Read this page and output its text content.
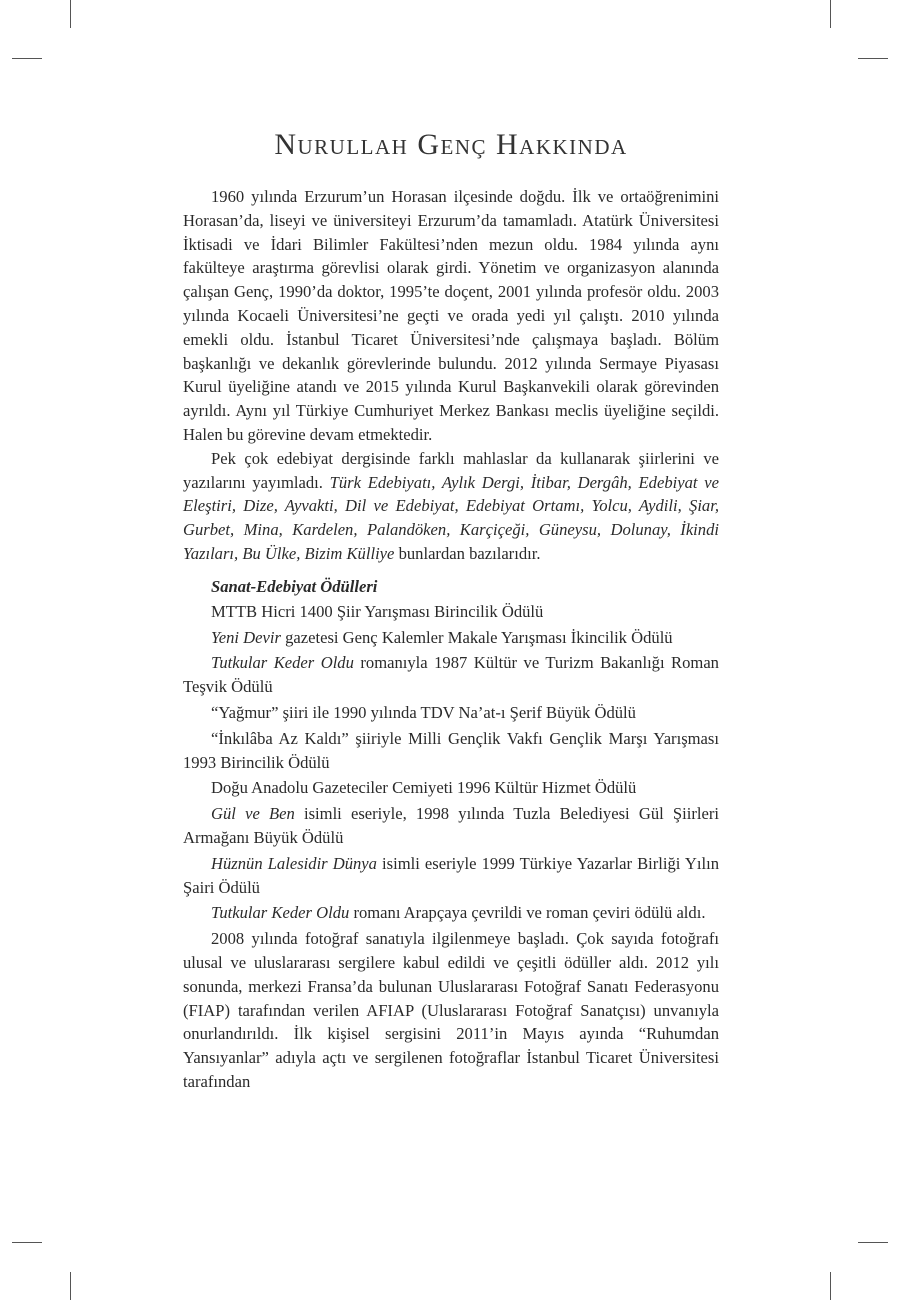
Nurullah Genç Hakkında

1960 yılında Erzurum’un Horasan ilçesinde doğdu. İlk ve ortaöğrenimini Horasan’da, liseyi ve üniversiteyi Erzurum’da tamamladı. Atatürk Üniversitesi İktisadi ve İdari Bilimler Fakültesi’nden mezun oldu. 1984 yılında aynı fakülteye araştırma görevlisi olarak girdi. Yönetim ve organizasyon alanında çalışan Genç, 1990’da doktor, 1995’te doçent, 2001 yılında profesör oldu. 2003 yılında Kocaeli Üniversitesi’ne geçti ve orada yedi yıl çalıştı. 2010 yılında emekli oldu. İstanbul Ticaret Üniversitesi’nde çalışmaya başladı. Bölüm başkanlığı ve dekanlık görevlerinde bulundu. 2012 yılında Sermaye Piyasası Kurul üyeliğine atandı ve 2015 yılında Kurul Başkanvekili olarak görevinden ayrıldı. Aynı yıl Türkiye Cumhuriyet Merkez Bankası meclis üyeliğine seçildi. Halen bu görevine devam etmektedir.

Pek çok edebiyat dergisinde farklı mahlaslar da kullanarak şiirlerini ve yazılarını yayımladı. Türk Edebiyatı, Aylık Dergi, İtibar, Dergâh, Edebiyat ve Eleştiri, Dize, Ayvakti, Dil ve Edebiyat, Edebiyat Ortamı, Yolcu, Aydili, Şiar, Gurbet, Mina, Kardelen, Palandöken, Karçiçeği, Güneysu, Dolunay, İkindi Yazıları, Bu Ülke, Bizim Külliye bunlardan bazılarıdır.

Sanat-Edebiyat Ödülleri

MTTB Hicri 1400 Şiir Yarışması Birincilik Ödülü

Yeni Devir gazetesi Genç Kalemler Makale Yarışması İkincilik Ödülü

Tutkular Keder Oldu romanıyla 1987 Kültür ve Turizm Bakanlığı Roman Teşvik Ödülü

“Yağmur” şiiri ile 1990 yılında TDV Na’at-ı Şerif Büyük Ödülü

“İnkılâba Az Kaldı” şiiriyle Milli Gençlik Vakfı Gençlik Marşı Yarışması 1993 Birincilik Ödülü

Doğu Anadolu Gazeteciler Cemiyeti 1996 Kültür Hizmet Ödülü

Gül ve Ben isimli eseriyle, 1998 yılında Tuzla Belediyesi Gül Şiirleri Armağanı Büyük Ödülü

Hüznün Lalesidir Dünya isimli eseriyle 1999 Türkiye Yazarlar Birliği Yılın Şairi Ödülü

Tutkular Keder Oldu romanı Arapçaya çevrildi ve roman çeviri ödülü aldı.

2008 yılında fotoğraf sanatıyla ilgilenmeye başladı. Çok sayıda fotoğrafı ulusal ve uluslararası sergilere kabul edildi ve çeşitli ödüller aldı. 2012 yılı sonunda, merkezi Fransa’da bulunan Uluslararası Fotoğraf Sanatı Federasyonu (FIAP) tarafından verilen AFIAP (Uluslararası Fotoğraf Sanatçısı) unvanıyla onurlandırıldı. İlk kişisel sergisini 2011’in Mayıs ayında “Ruhumdan Yansıyanlar” adıyla açtı ve sergilenen fotoğraflar İstanbul Ticaret Üniversitesi tarafından
